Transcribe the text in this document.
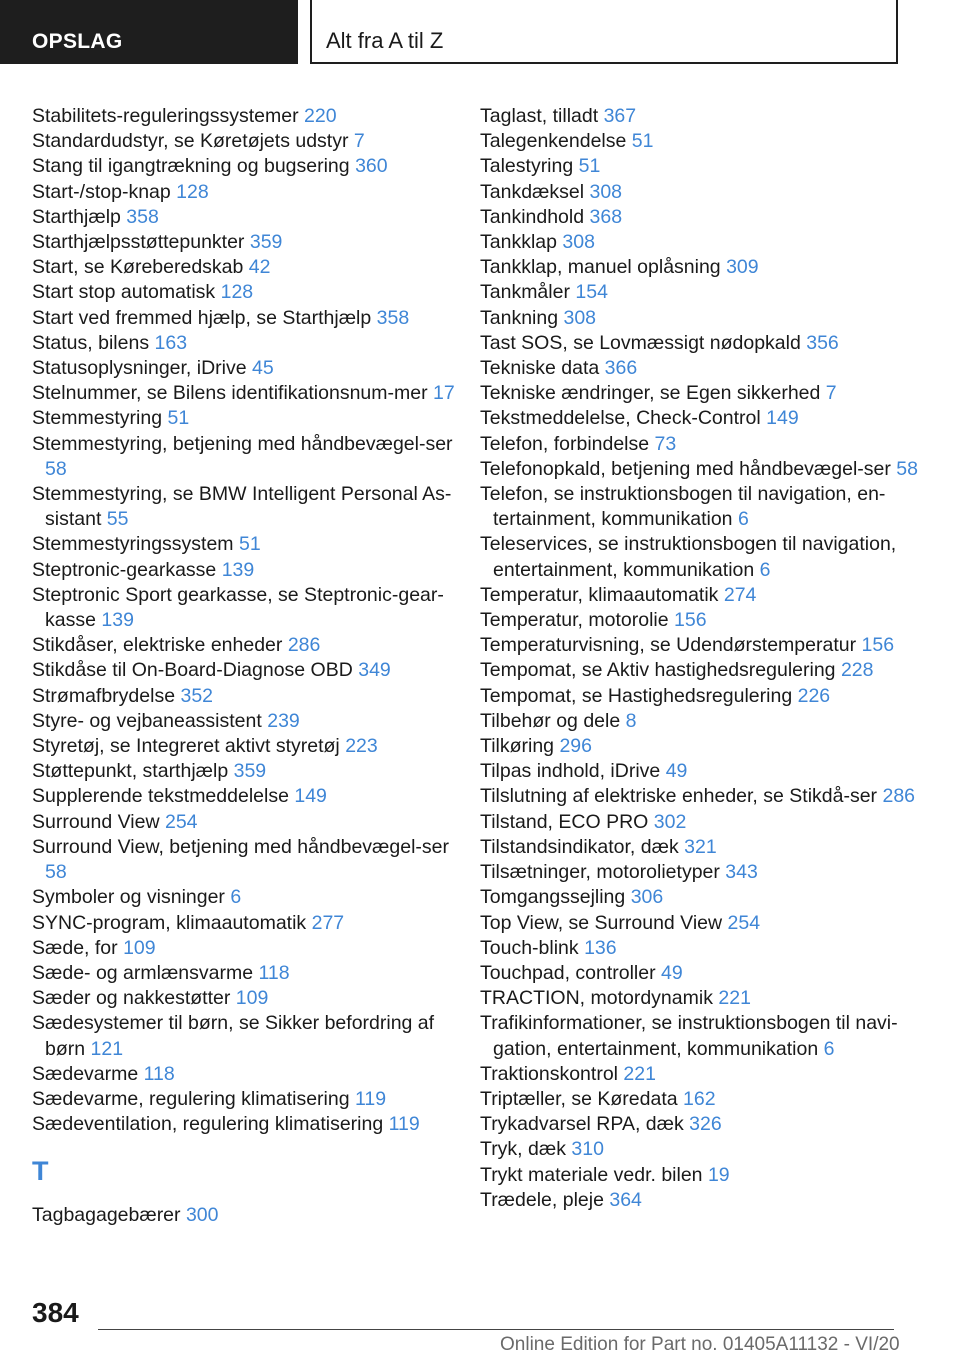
OPSLAG	Alt fra A til Z
Stabilitets-reguleringssystemer 220
Standardudstyr, se Køretøjets udstyr 7
Stang til igangtrækning og bugsering 360
Start-/stop-knap 128
Starthjælp 358
Starthjælpsstøttepunkter 359
Start, se Køreberedskab 42
Start stop automatisk 128
Start ved fremmed hjælp, se Starthjælp 358
Status, bilens 163
Statusoplysninger, iDrive 45
Stelnummer, se Bilens identifikationsnum-mer 17
Stemmestyring 51
Stemmestyring, betjening med håndbevægel-ser 58
Stemmestyring, se BMW Intelligent Personal As-sistant 55
Stemmestyringssystem 51
Steptronic-gearkasse 139
Steptronic Sport gearkasse, se Steptronic-gear-kasse 139
Stikdåser, elektriske enheder 286
Stikdåse til On-Board-Diagnose OBD 349
Strømafbrydelse 352
Styre- og vejbaneassistent 239
Styretøj, se Integreret aktivt styretøj 223
Støttepunkt, starthjælp 359
Supplerende tekstmeddelelse 149
Surround View 254
Surround View, betjening med håndbevægel-ser 58
Symboler og visninger 6
SYNC-program, klimaautomatik 277
Sæde, for 109
Sæde- og armlænsvarme 118
Sæder og nakkestøtter 109
Sædesystemer til børn, se Sikker befordring af børn 121
Sædevarme 118
Sædevarme, regulering klimatisering 119
Sædeventilation, regulering klimatisering 119
T
Tagbagagebærer 300
Taglast, tilladt 367
Talegenkendelse 51
Talestyring 51
Tankdæksel 308
Tankindhold 368
Tankklap 308
Tankklap, manuel oplåsning 309
Tankmåler 154
Tankning 308
Tast SOS, se Lovmæssigt nødopkald 356
Tekniske data 366
Tekniske ændringer, se Egen sikkerhed 7
Tekstmeddelelse, Check-Control 149
Telefon, forbindelse 73
Telefonopkald, betjening med håndbevægel-ser 58
Telefon, se instruktionsbogen til navigation, en-tertainment, kommunikation 6
Teleservices, se instruktionsbogen til navigation, entertainment, kommunikation 6
Temperatur, klimaautomatik 274
Temperatur, motorolie 156
Temperaturvisning, se Udendørstemperatur 156
Tempomat, se Aktiv hastighedsregulering 228
Tempomat, se Hastighedsregulering 226
Tilbehør og dele 8
Tilkøring 296
Tilpas indhold, iDrive 49
Tilslutning af elektriske enheder, se Stikdå-ser 286
Tilstand, ECO PRO 302
Tilstandsindikator, dæk 321
Tilsætninger, motorolietyper 343
Tomgangssejling 306
Top View, se Surround View 254
Touch-blink 136
Touchpad, controller 49
TRACTION, motordynamik 221
Trafikinformationer, se instruktionsbogen til navi-gation, entertainment, kommunikation 6
Traktionskontrol 221
Triptæller, se Køredata 162
Trykadvarsel RPA, dæk 326
Tryk, dæk 310
Trykt materiale vedr. bilen 19
Trædele, pleje 364
384
Online Edition for Part no. 01405A11132 - VI/20
